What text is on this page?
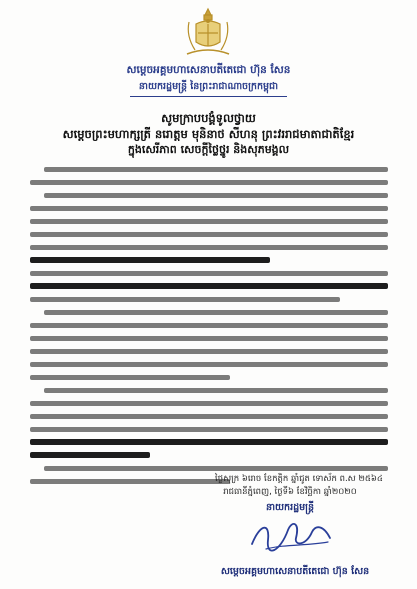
សម្តេចអគ្គមហាសេនាបតីតេជោ ហ៊ុន សែន
នាយករដ្ឋមន្ត្រី នៃព្រះរាជាណាចក្រកម្ពុជា
សូមក្រាបបង្គំទូលថ្វាយ
សម្តេចព្រះមហាក្សត្រី នរោត្តម មុនិនាថ សីហនុ ព្រះវររាជមាតាជាតិខ្មែរ
ក្នុងសេរីភាព សេចក្តីថ្លៃថ្នូរ និងសុភមង្គល
ថ្ងៃសុក្រ ៦រោច ខែកត្តិក ឆ្នាំជូត ទោស័ក ព.ស ២៥៦៤
រាជធានីភ្នំពេញ, ថ្ងៃទី៦ ខែវិច្ឆិកា ឆ្នាំ២០២០
នាយករដ្ឋមន្ត្រី
សម្តេចអគ្គមហាសេនាបតីតេជោ ហ៊ុន សែន
